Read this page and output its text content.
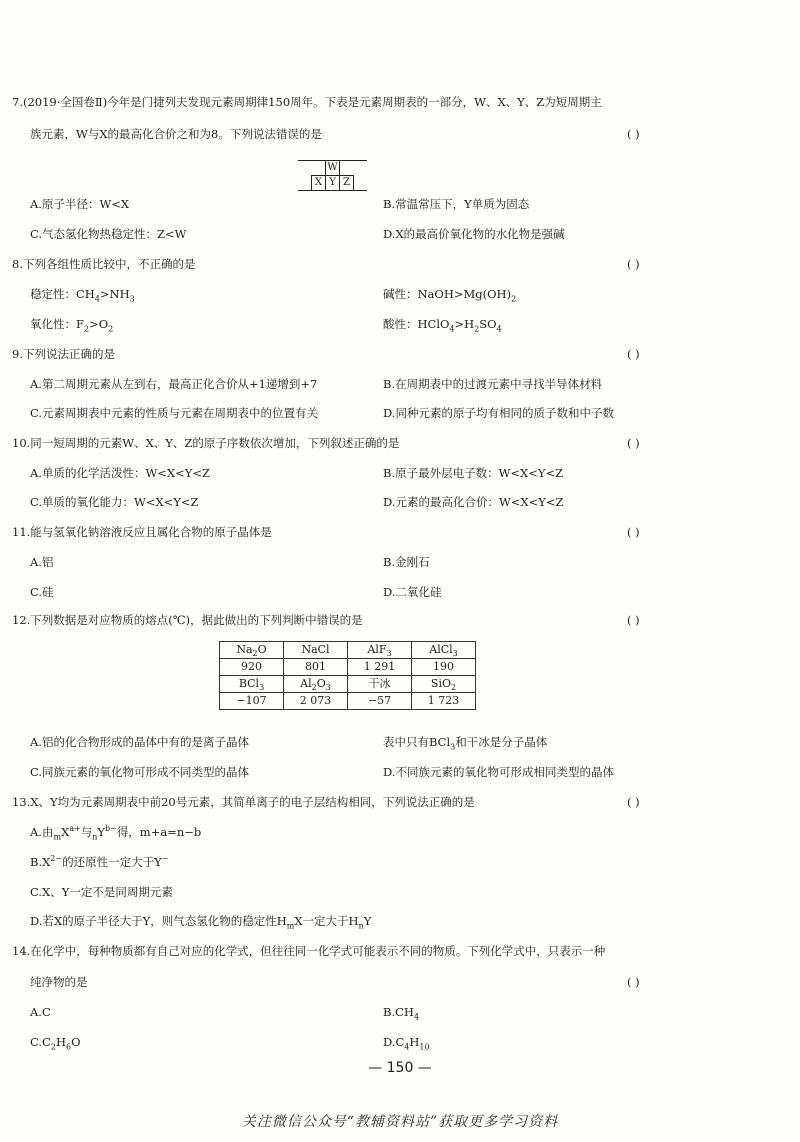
7.(2019·全国卷Ⅱ)今年是门捷列夫发现元素周期律150周年。下表是元素周期表的一部分，W、X、Y、Z为短周期主
族元素，W与X的最高化合价之和为8。下列说法错误的是	( )
		W		
	X	Y	Z	
A.原子半径：W<X	B.常温常压下，Y单质为固态
C.气态氢化物热稳定性：Z<W	D.X的最高价氧化物的水化物是强碱
8.下列各组性质比较中，不正确的是	( )
稳定性：$CH_4>NH_3$	碱性：$NaOH>Mg(OH)_2$
氧化性：$F_2>O_2$	酸性：$HClO_4>H_2SO_4$
9.下列说法正确的是	( )
A.第二周期元素从左到右，最高正化合价从+1递增到+7	B.在周期表中的过渡元素中寻找半导体材料
C.元素周期表中元素的性质与元素在周期表中的位置有关	D.同种元素的原子均有相同的质子数和中子数
10.同一短周期的元素W、X、Y、Z的原子序数依次增加，下列叙述正确的是	( )
A.单质的化学活泼性：W<X<Y<Z	B.原子最外层电子数：W<X<Y<Z
C.单质的氧化能力：W<X<Y<Z	D.元素的最高化合价：W<X<Y<Z
11.能与氢氧化钠溶液反应且属化合物的原子晶体是	( )
A.铝	B.金刚石
C.硅	D.二氧化硅
12.下列数据是对应物质的熔点(℃)，据此做出的下列判断中错误的是	( )
$Na_2O$	NaCl	AlF$_3$	AlCl$_3$
920	801	1 291	190
BCl$_3$	$Al_2O_3$	干冰	SiO$_2$
−107	2 073	−57	1 723
A.铝的化合物形成的晶体中有的是离子晶体	表中只有BCl$_3$和干冰是分子晶体
C.同族元素的氧化物可形成不同类型的晶体	D.不同族元素的氧化物可形成相同类型的晶体
13.X、Y均为元素周期表中前20号元素，其简单离子的电子层结构相同，下列说法正确的是	( )
A.由$_mX^{a+}$与$_nY^{b-}$得，m+a=n−b
$B.X^{2-}$的还原性一定大于Y−
C.X、Y一定不是同周期元素
D.若X的原子半径大于Y，则气态氢化物的稳定性$H_mX$一定大于$H_nY$
14.在化学中，每种物质都有自己对应的化学式，但往往同一化学式可能表示不同的物质。下列化学式中，只表示一种
纯净物的是	( )
A.C	$B.CH_4$
$C.C_2H_6O$	$D.C_4H_{10}$
— 150 —
关注微信公众号“教辅资料站”获取更多学习资料
